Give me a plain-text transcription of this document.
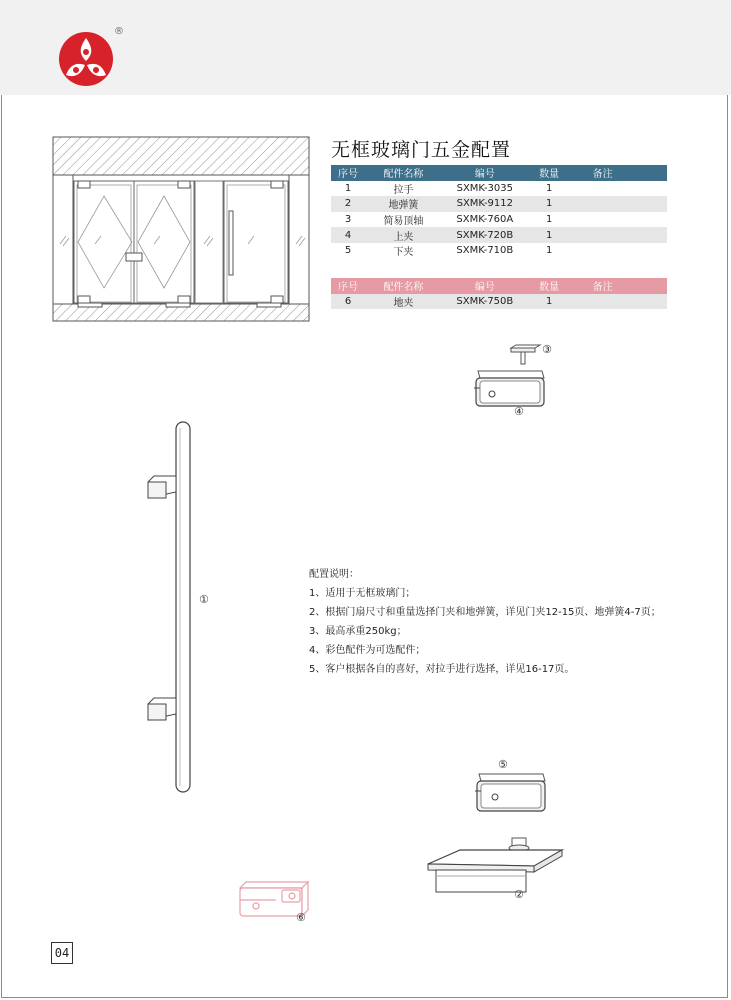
®
无框玻璃门五金配置
序号	配件名称	编号	数量	备注
1	拉手	SXMK-3035	1	
2	地弹簧	SXMK-9112	1	
3	简易顶轴	SXMK-760A	1	
4	上夹	SXMK-720B	1	
5	下夹	SXMK-710B	1	
序号	配件名称	编号	数量	备注
6	地夹	SXMK-750B	1	
③
④
①
配置说明：
1、适用于无框玻璃门；
2、根据门扇尺寸和重量选择门夹和地弹簧，详见门夹12-15页、地弹簧4-7页；
3、最高承重250kg；
4、彩色配件为可选配件；
5、客户根据各自的喜好，对拉手进行选择，详见16-17页。
⑤
②
⑥
04
